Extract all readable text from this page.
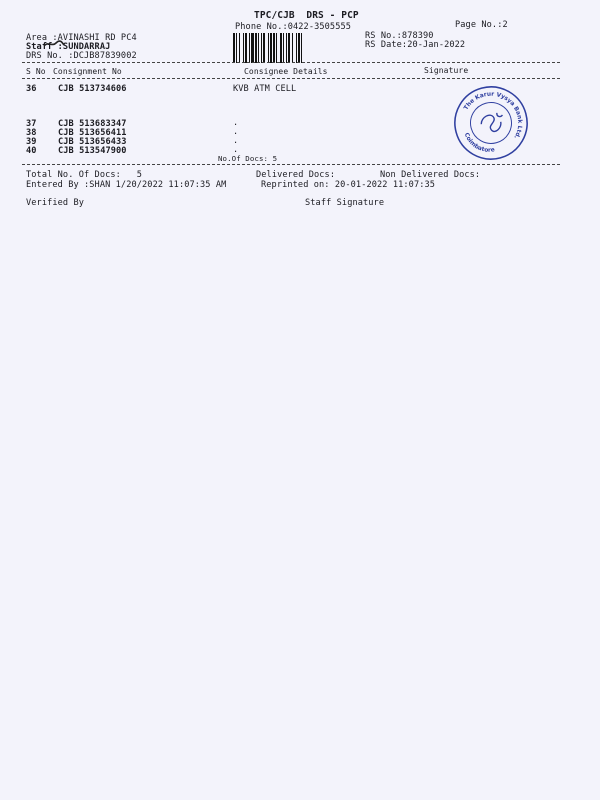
TPC/CJB  DRS - PCP
Phone No.:0422-3505555	Page No.:2
Area :AVINASHI RD PC4
Staff :SUNDARRAJ
DRS No. :DCJB87839002
RS No.:878390
RS Date:20-Jan-2022
S No Consignment No	Consignee Details	Signature
36 CJB 513734606	KVB ATM CELL
37 CJB 513683347	.
38 CJB 513656411	.
39 CJB 513656433	.
40 CJB 513547900	.
No.Of Docs: 5
Total No. Of Docs:   5	Delivered Docs:	Non Delivered Docs:
Entered By :SHAN 1/20/2022 11:07:35 AM	Reprinted on: 20-01-2022 11:07:35
Verified By	Staff Signature
The Karur Vysya Bank Ltd.
Coimbatore
